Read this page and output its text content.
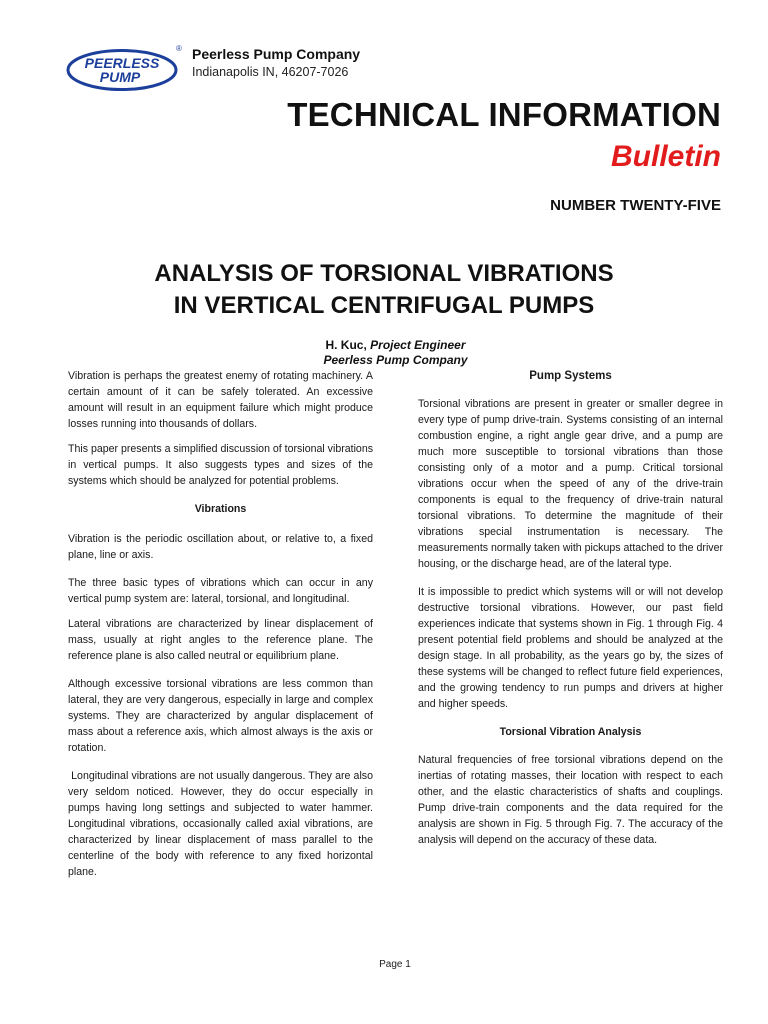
PEERLESS
PUMP
® Peerless Pump Company
Indianapolis IN, 46207-7026
TECHNICAL INFORMATION
Bulletin
NUMBER TWENTY-FIVE
ANALYSIS OF TORSIONAL VIBRATIONS
IN VERTICAL CENTRIFUGAL PUMPS
H. Kuc, Project Engineer
Peerless Pump Company

Vibration is perhaps the greatest enemy of rotating machinery. A certain amount of it can be safely tolerated. An excessive amount will result in an equipment failure which might produce losses running into thousands of dollars.

This paper presents a simplified discussion of torsional vibrations in vertical pumps. It also suggests types and sizes of the systems which should be analyzed for potential problems.

Vibrations

Vibration is the periodic oscillation about, or relative to, a fixed plane, line or axis.

The three basic types of vibrations which can occur in any vertical pump system are: lateral, torsional, and longitudinal.

Lateral vibrations are characterized by linear displacement of mass, usually at right angles to the reference plane. The reference plane is also called neutral or equilibrium plane.

Although excessive torsional vibrations are less common than lateral, they are very dangerous, especially in large and complex systems. They are characterized by angular displacement of mass about a reference axis, which almost always is the axis or rotation.

Longitudinal vibrations are not usually dangerous. They are also very seldom noticed. However, they do occur especially in pumps having long settings and subjected to water hammer. Longitudinal vibrations, occasionally called axial vibrations, are characterized by linear displacement of mass parallel to the centerline of the body with reference to any fixed horizontal plane.

Pump Systems

Torsional vibrations are present in greater or smaller degree in every type of pump drive-train. Systems consisting of an internal combustion engine, a right angle gear drive, and a pump are much more susceptible to torsional vibrations than those consisting only of a motor and a pump. Critical torsional vibrations occur when the speed of any of the drive-train components is equal to the frequency of drive-train natural torsional vibrations. To determine the magnitude of their vibrations special instrumentation is necessary. The measurements normally taken with pickups attached to the driver housing, or the discharge head, are of the lateral type.

It is impossible to predict which systems will or will not develop destructive torsional vibrations. However, our past field experiences indicate that systems shown in Fig. 1 through Fig. 4 present potential field problems and should be analyzed at the design stage. In all probability, as the years go by, the sizes of these systems will be changed to reflect future field experiences, and the growing tendency to run pumps and drivers at higher and higher speeds.

Torsional Vibration Analysis

Natural frequencies of free torsional vibrations depend on the inertias of rotating masses, their location with respect to each other, and the elastic characteristics of shafts and couplings. Pump drive-train components and the data required for the analysis are shown in Fig. 5 through Fig. 7. The accuracy of the analysis will depend on the accuracy of these data.

Page 1
